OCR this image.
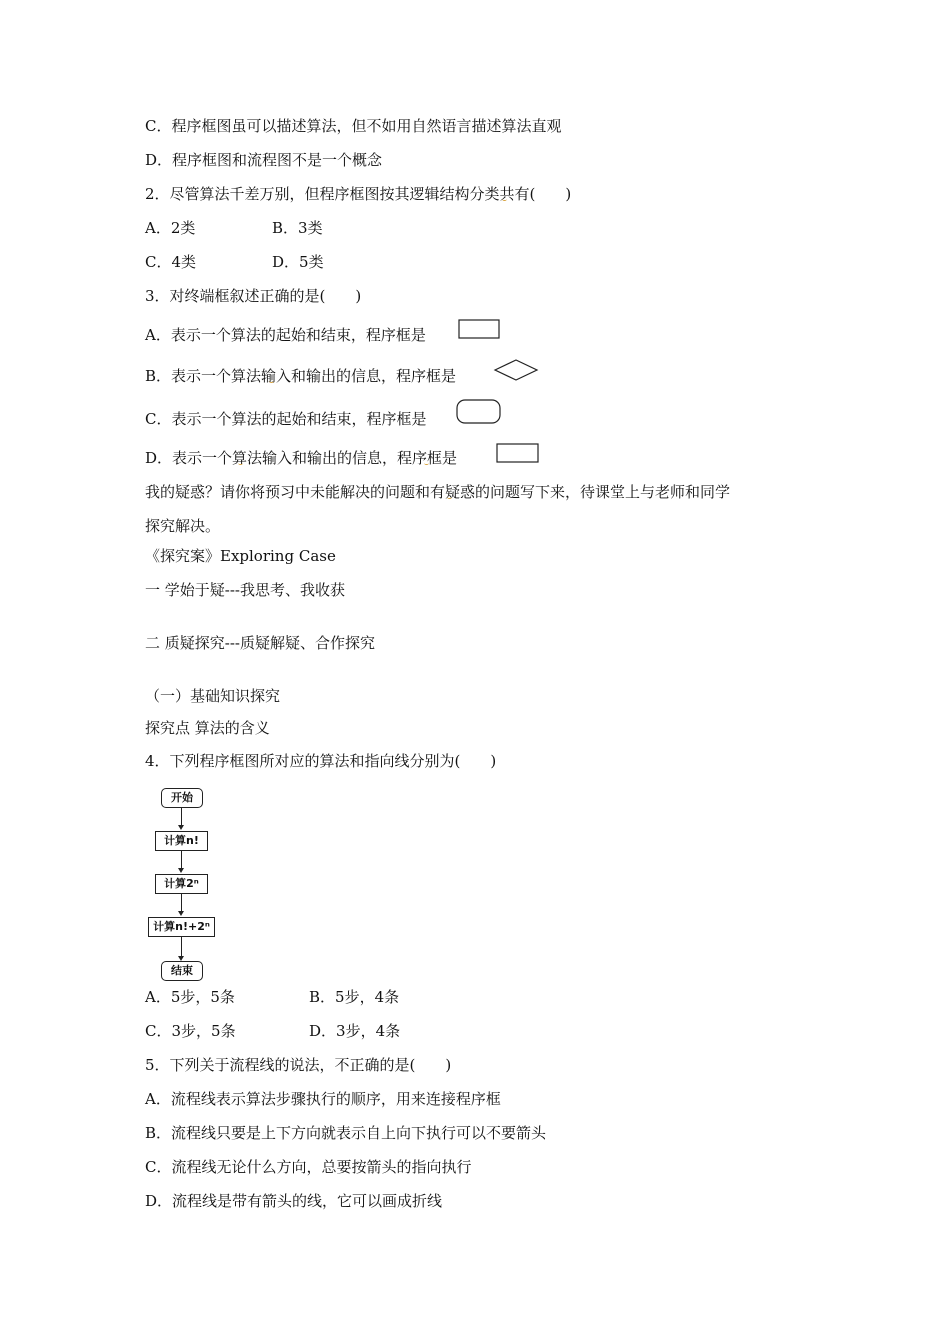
C．程序框图虽可以描述算法，但不如用自然语言描述算法直观
D．程序框图和流程图不是一个概念
2．尽管算法千差万别，但程序框图按其逻辑结构分类共有(　　)
A．2类	B．3类
C．4类	D．5类
3．对终端框叙述正确的是(　　)
A．表示一个算法的起始和结束，程序框是
B．表示一个算法输入和输出的信息，程序框是
C．表示一个算法的起始和结束，程序框是
D．表示一个算法输入和输出的信息，程序框是
我的疑惑？请你将预习中未能解决的问题和有疑惑的问题写下来，待课堂上与老师和同学
探究解决。
《探究案》Exploring Case
一 学始于疑---我思考、我收获
二 质疑探究---质疑解疑、合作探究
（一）基础知识探究
探究点 算法的含义
4．下列程序框图所对应的算法和指向线分别为(　　)
开始
计算n!
计算2ⁿ
计算n!+2ⁿ
结束
A．5步，5条	B．5步，4条
C．3步，5条	D．3步，4条
5．下列关于流程线的说法，不正确的是(　　)
A．流程线表示算法步骤执行的顺序，用来连接程序框
B．流程线只要是上下方向就表示自上向下执行可以不要箭头
C．流程线无论什么方向，总要按箭头的指向执行
D．流程线是带有箭头的线，它可以画成折线
